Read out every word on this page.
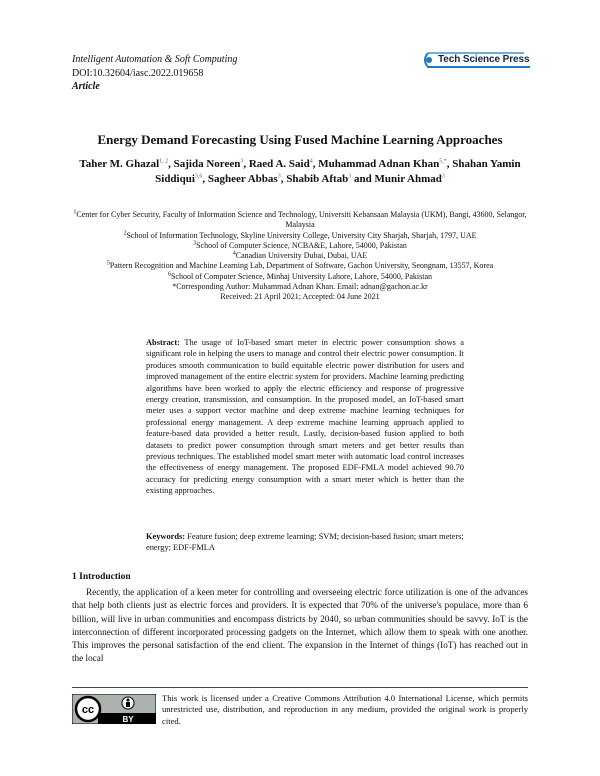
Intelligent Automation & Soft Computing
DOI:10.32604/iasc.2022.019658
Article
Tech Science Press
Energy Demand Forecasting Using Fused Machine Learning Approaches
Taher M. Ghazal$^{1, 2}$, Sajida Noreen$^3$, Raed A. Said$^4$, Muhammad Adnan Khan$^{5,*}$, Shahan Yamin Siddiqui$^{3,6}$, Sagheer Abbas$^3$, Shabib Aftab$^3$ and Munir Ahmad$^3$
$^1$Center for Cyber Security, Faculty of Information Science and Technology, Universiti Kebansaan Malaysia (UKM), Bangi, 43600, Selangor, Malaysia
$^2$School of Information Technology, Skyline University College, University City Sharjah, Sharjah, 1797, UAE
$^3$School of Computer Science, NCBA&E, Lahore, 54000, Pakistan
$^4$Canadian University Dubai, Dubai, UAE
$^5$Pattern Recognition and Machine Learning Lab, Department of Software, Gachon University, Seongnam, 13557, Korea
$^6$School of Computer Science, Minhaj University Lahore, Lahore, 54000, Pakistan
*Corresponding Author: Muhammad Adnan Khan. Email: adnan@gachon.ac.kr
Received: 21 April 2021; Accepted: 04 June 2021
Abstract: The usage of IoT-based smart meter in electric power consumption shows a significant role in helping the users to manage and control their electric power consumption. It produces smooth communication to build equitable electric power distribution for users and improved management of the entire electric system for providers. Machine learning predicting algorithms have been worked to apply the electric efficiency and response of progressive energy creation, transmission, and consumption. In the proposed model, an IoT-based smart meter uses a support vector machine and deep extreme machine learning techniques for professional energy management. A deep extreme machine learning approach applied to feature-based data provided a better result. Lastly, decision-based fusion applied to both datasets to predict power consumption through smart meters and get better results than previous techniques. The established model smart meter with automatic load control increases the effectiveness of energy management. The proposed EDF-FMLA model achieved 90.70 accuracy for predicting energy consumption with a smart meter which is better than the existing approaches.
Keywords: Feature fusion; deep extreme learning; SVM; decision-based fusion; smart meters; energy; EDF-FMLA
1 Introduction
Recently, the application of a keen meter for controlling and overseeing electric force utilization is one of the advances that help both clients just as electric forces and providers. It is expected that 70% of the universe's populace, more than 6 billion, will live in urban communities and encompass districts by 2040, so urban communities should be savvy. IoT is the interconnection of different incorporated processing gadgets on the Internet, which allow them to speak with one another. This improves the personal satisfaction of the end client. The expansion in the Internet of things (IoT) has reached out in the local
cc
BY
This work is licensed under a Creative Commons Attribution 4.0 International License, which permits unrestricted use, distribution, and reproduction in any medium, provided the original work is properly cited.
